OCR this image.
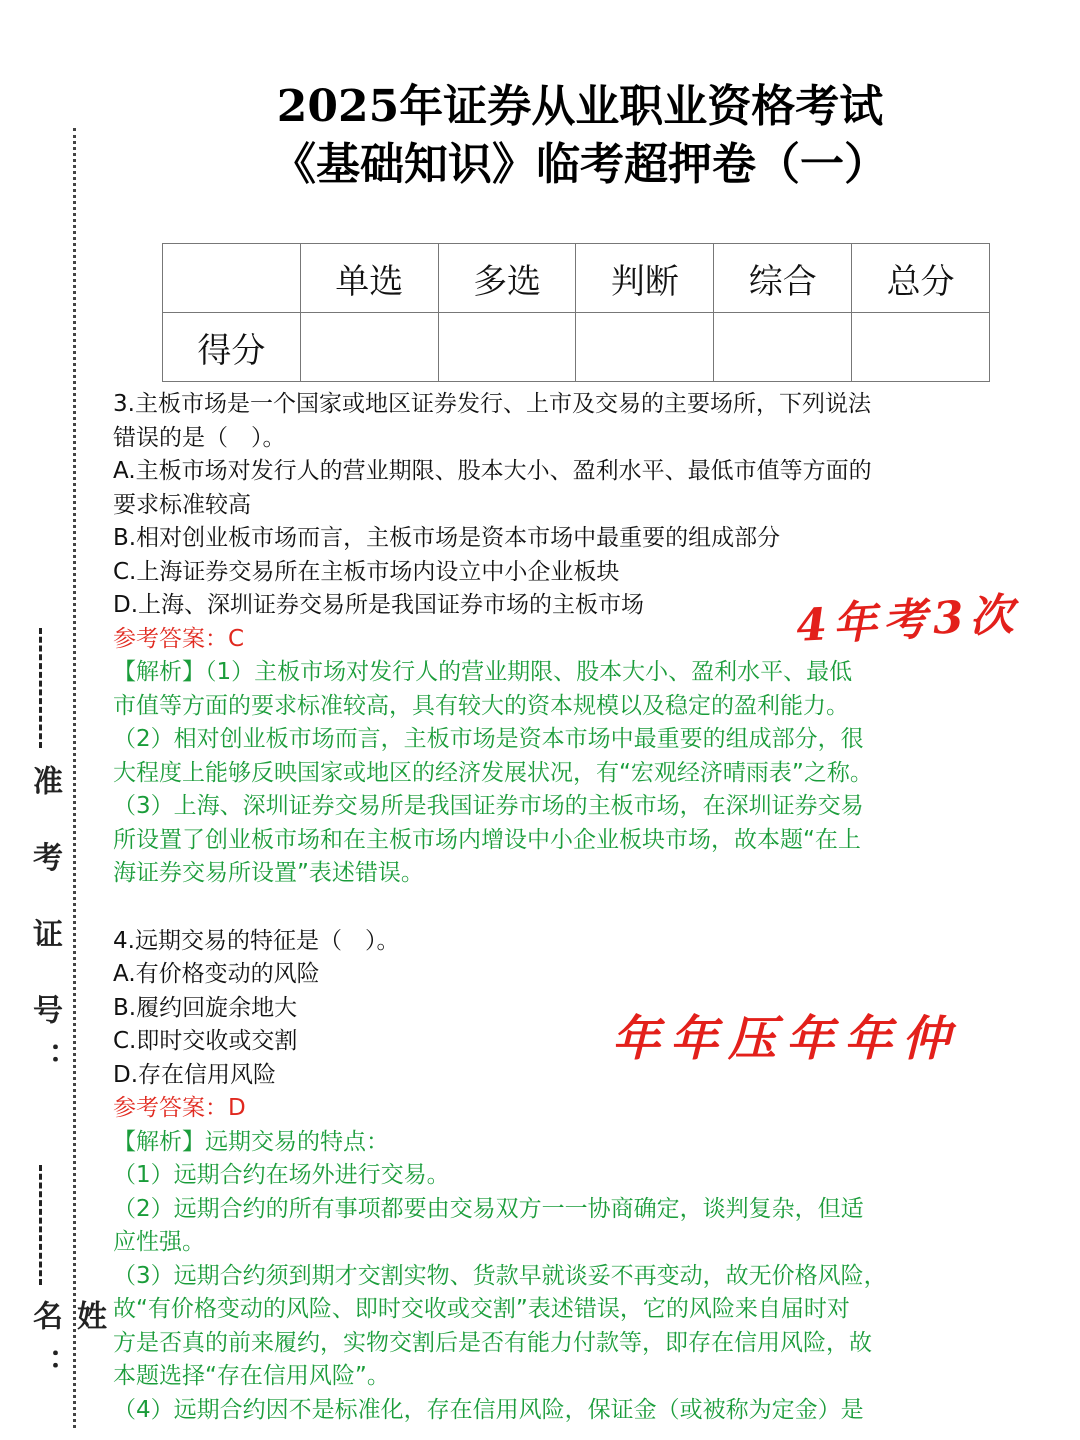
准 考 证 号：
姓 名：
2025年证券从业职业资格考试
《基础知识》临考超押卷（一）
	单选	多选	判断	综合	总分
得分					

3.主板市场是一个国家或地区证券发行、上市及交易的主要场所，下列说法

错误的是（　）。

A.主板市场对发行人的营业期限、股本大小、盈利水平、最低市值等方面的

要求标准较高

B.相对创业板市场而言，主板市场是资本市场中最重要的组成部分

C.上海证券交易所在主板市场内设立中小企业板块

D.上海、深圳证券交易所是我国证券市场的主板市场

参考答案：C

【解析】（1）主板市场对发行人的营业期限、股本大小、盈利水平、最低

市值等方面的要求标准较高，具有较大的资本规模以及稳定的盈利能力。

（2）相对创业板市场而言，主板市场是资本市场中最重要的组成部分，很

大程度上能够反映国家或地区的经济发展状况，有“宏观经济晴雨表”之称。

（3）上海、深圳证券交易所是我国证券市场的主板市场，在深圳证券交易

所设置了创业板市场和在主板市场内增设中小企业板块市场，故本题“在上

海证券交易所设置”表述错误。

4.远期交易的特征是（　）。

A.有价格变动的风险

B.履约回旋余地大

C.即时交收或交割

D.存在信用风险

参考答案：D

【解析】远期交易的特点：

（1）远期合约在场外进行交易。

（2）远期合约的所有事项都要由交易双方一一协商确定，谈判复杂，但适

应性强。

（3）远期合约须到期才交割实物、货款早就谈妥不再变动，故无价格风险，

故“有价格变动的风险、即时交收或交割”表述错误，它的风险来自届时对

方是否真的前来履约，实物交割后是否有能力付款等，即存在信用风险，故

本题选择“存在信用风险”。

（4）远期合约因不是标准化，存在信用风险，保证金（或被称为定金）是

4年考3次
年年压年年仲
